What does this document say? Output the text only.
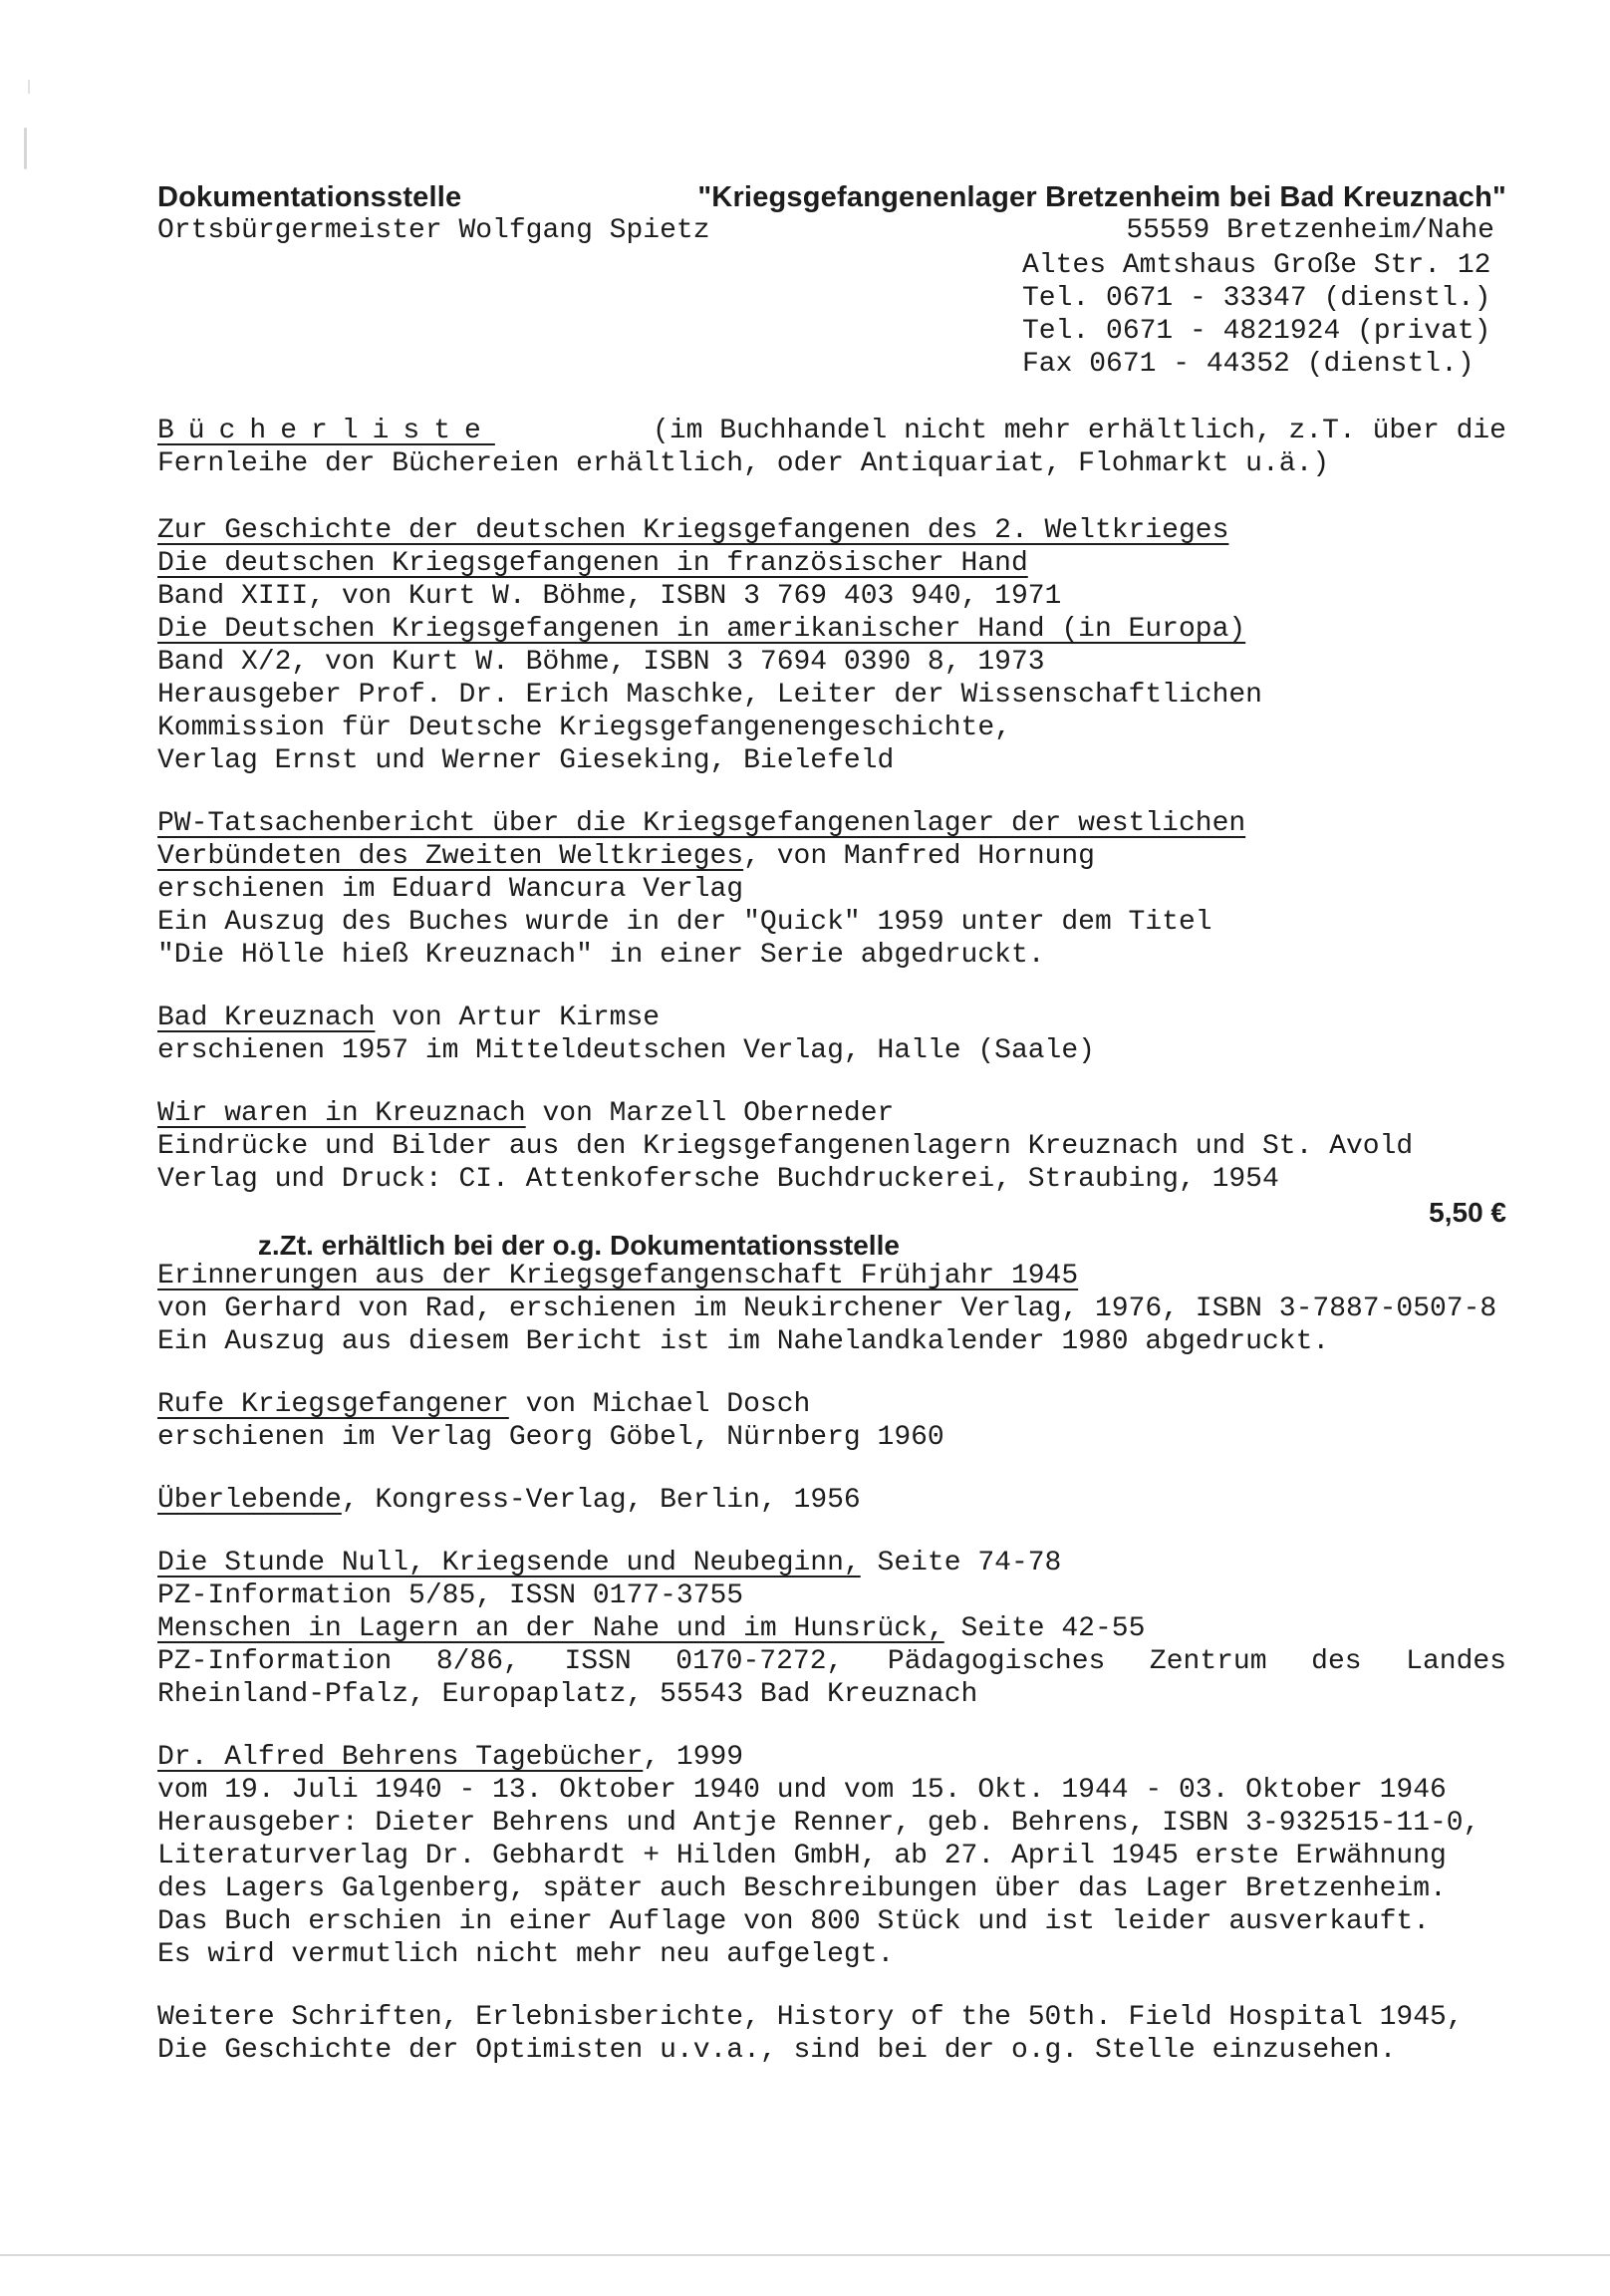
Dokumentationsstelle	"Kriegsgefangenenlager Bretzenheim bei Bad Kreuznach"
Ortsbürgermeister Wolfgang Spietz	55559 Bretzenheim/Nahe
Altes Amtshaus Große Str. 12
Tel. 0671 - 33347 (dienstl.)
Tel. 0671 - 4821924 (privat)
Fax 0671 - 44352 (dienstl.)
Bücherliste	(im Buchhandel nicht mehr erhältlich, z.T. über die
Fernleihe der Büchereien erhältlich, oder Antiquariat, Flohmarkt u.ä.)
Zur Geschichte der deutschen Kriegsgefangenen des 2. Weltkrieges
Die deutschen Kriegsgefangenen in französischer Hand
Band XIII, von Kurt W. Böhme, ISBN 3 769 403 940, 1971
Die Deutschen Kriegsgefangenen in amerikanischer Hand (in Europa)
Band X/2, von Kurt W. Böhme, ISBN 3 7694 0390 8, 1973
Herausgeber Prof. Dr. Erich Maschke, Leiter der Wissenschaftlichen
Kommission für Deutsche Kriegsgefangenengeschichte,
Verlag Ernst und Werner Gieseking, Bielefeld
PW-Tatsachenbericht über die Kriegsgefangenenlager der westlichen
Verbündeten des Zweiten Weltkrieges, von Manfred Hornung
erschienen im Eduard Wancura Verlag
Ein Auszug des Buches wurde in der "Quick" 1959 unter dem Titel
"Die Hölle hieß Kreuznach" in einer Serie abgedruckt.
Bad Kreuznach von Artur Kirmse
erschienen 1957 im Mitteldeutschen Verlag, Halle (Saale)
Wir waren in Kreuznach von Marzell Oberneder
Eindrücke und Bilder aus den Kriegsgefangenenlagern Kreuznach und St. Avold
Verlag und Druck: CI. Attenkofersche Buchdruckerei, Straubing, 1954

z.Zt. erhältlich bei der o.g. Dokumentationsstelle

5,50 €

Erinnerungen aus der Kriegsgefangenschaft Frühjahr 1945
von Gerhard von Rad, erschienen im Neukirchener Verlag, 1976, ISBN 3-7887-0507-8
Ein Auszug aus diesem Bericht ist im Nahelandkalender 1980 abgedruckt.
Rufe Kriegsgefangener von Michael Dosch
erschienen im Verlag Georg Göbel, Nürnberg 1960
Überlebende, Kongress-Verlag, Berlin, 1956
Die Stunde Null, Kriegsende und Neubeginn, Seite 74-78
PZ-Information 5/85, ISSN 0177-3755
Menschen in Lagern an der Nahe und im Hunsrück, Seite 42-55
PZ-Information 8/86, ISSN 0170-7272, Pädagogisches Zentrum des Landes
Rheinland-Pfalz, Europaplatz, 55543 Bad Kreuznach
Dr. Alfred Behrens Tagebücher, 1999
vom 19. Juli 1940 - 13. Oktober 1940 und vom 15. Okt. 1944 - 03. Oktober 1946
Herausgeber: Dieter Behrens und Antje Renner, geb. Behrens, ISBN 3-932515-11-0,
Literaturverlag Dr. Gebhardt + Hilden GmbH, ab 27. April 1945 erste Erwähnung
des Lagers Galgenberg, später auch Beschreibungen über das Lager Bretzenheim.
Das Buch erschien in einer Auflage von 800 Stück und ist leider ausverkauft.
Es wird vermutlich nicht mehr neu aufgelegt.
Weitere Schriften, Erlebnisberichte, History of the 50th. Field Hospital 1945,
Die Geschichte der Optimisten u.v.a., sind bei der o.g. Stelle einzusehen.
